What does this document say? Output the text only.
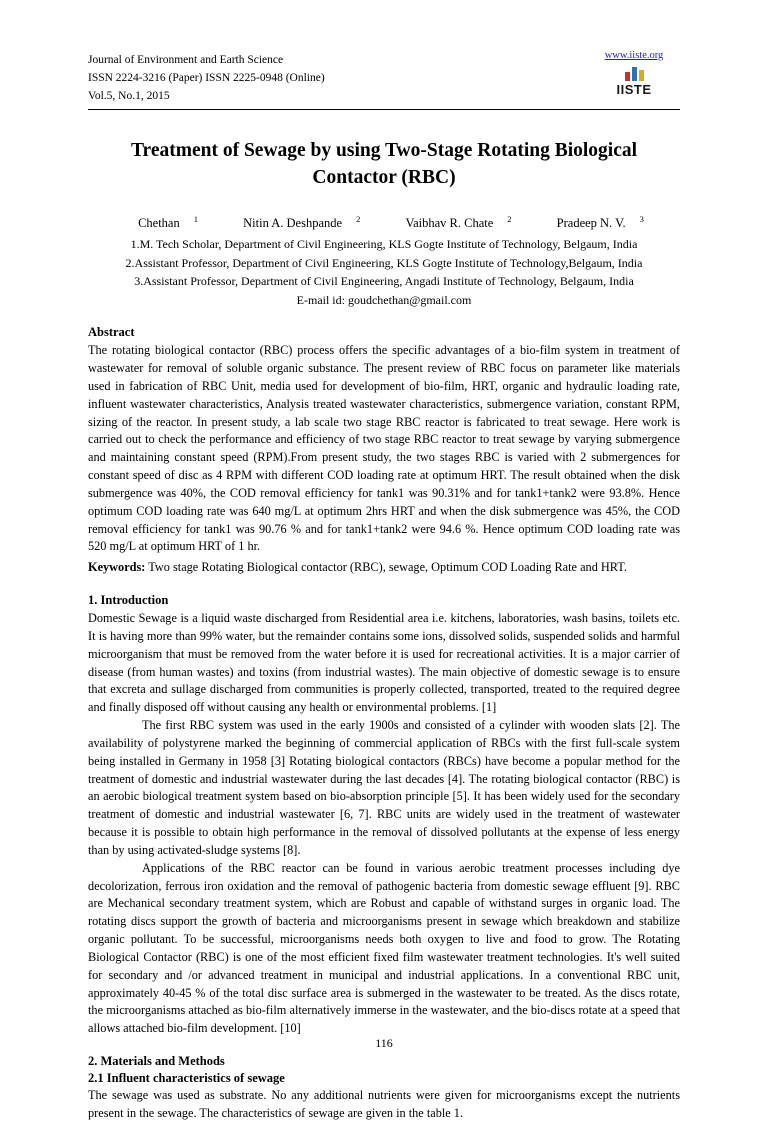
Journal of Environment and Earth Science
ISSN 2224-3216 (Paper) ISSN 2225-0948 (Online)
Vol.5, No.1, 2015
www.iiste.org
IISTE
Treatment of Sewage by using Two-Stage Rotating Biological Contactor (RBC)
Chethan $^1$	Nitin A. Deshpande $^2$	Vaibhav R. Chate $^2$	Pradeep N. V. $^3$
1.M. Tech Scholar, Department of Civil Engineering, KLS Gogte Institute of Technology, Belgaum, India
2.Assistant Professor, Department of Civil Engineering, KLS Gogte Institute of Technology,Belgaum, India
3.Assistant Professor, Department of Civil Engineering, Angadi Institute of Technology, Belgaum, India
E-mail id: goudchethan@gmail.com
Abstract

The rotating biological contactor (RBC) process offers the specific advantages of a bio-film system in treatment of wastewater for removal of soluble organic substance. The present review of RBC focus on parameter like materials used in fabrication of RBC Unit, media used for development of bio-film, HRT, organic and hydraulic loading rate, influent wastewater characteristics, Analysis treated wastewater characteristics, submergence variation, constant RPM, sizing of the reactor. In present study, a lab scale two stage RBC reactor is fabricated to treat sewage. Here work is carried out to check the performance and efficiency of two stage RBC reactor to treat sewage by varying submergence and maintaining constant speed (RPM).From present study, the two stages RBC is varied with 2 submergences for constant speed of disc as 4 RPM with different COD loading rate at optimum HRT. The result obtained when the disk submergence was 40%, the COD removal efficiency for tank1 was 90.31% and for tank1+tank2 were 93.8%. Hence optimum COD loading rate was 640 mg/L at optimum 2hrs HRT and when the disk submergence was 45%, the COD removal efficiency for tank1 was 90.76 % and for tank1+tank2 were 94.6 %. Hence optimum COD loading rate was 520 mg/L at optimum HRT of 1 hr.

Keywords: Two stage Rotating Biological contactor (RBC), sewage, Optimum COD Loading Rate and HRT.

1. Introduction

Domestic Sewage is a liquid waste discharged from Residential area i.e. kitchens, laboratories, wash basins, toilets etc. It is having more than 99% water, but the remainder contains some ions, dissolved solids, suspended solids and harmful microorganism that must be removed from the water before it is used for recreational activities. It is a major carrier of disease (from human wastes) and toxins (from industrial wastes). The main objective of domestic sewage is to ensure that excreta and sullage discharged from communities is properly collected, transported, treated to the required degree and finally disposed off without causing any health or environmental problems. [1]

The first RBC system was used in the early 1900s and consisted of a cylinder with wooden slats [2]. The availability of polystyrene marked the beginning of commercial application of RBCs with the first full-scale system being installed in Germany in 1958 [3] Rotating biological contactors (RBCs) have become a popular method for the treatment of domestic and industrial wastewater during the last decades [4]. The rotating biological contactor (RBC) is an aerobic biological treatment system based on bio-absorption principle [5]. It has been widely used for the secondary treatment of domestic and industrial wastewater [6, 7]. RBC units are widely used in the treatment of wastewater because it is possible to obtain high performance in the removal of dissolved pollutants at the expense of less energy than by using activated-sludge systems [8].

Applications of the RBC reactor can be found in various aerobic treatment processes including dye decolorization, ferrous iron oxidation and the removal of pathogenic bacteria from domestic sewage effluent [9]. RBC are Mechanical secondary treatment system, which are Robust and capable of withstand surges in organic load. The rotating discs support the growth of bacteria and microorganisms present in sewage which breakdown and stabilize organic pollutant. To be successful, microorganisms needs both oxygen to live and food to grow. The Rotating Biological Contactor (RBC) is one of the most efficient fixed film wastewater treatment technologies. It's well suited for secondary and /or advanced treatment in municipal and industrial applications. In a conventional RBC unit, approximately 40-45 % of the total disc surface area is submerged in the wastewater to be treated. As the discs rotate, the microorganisms attached as bio-film alternatively immerse in the wastewater, and the bio-discs rotate at a speed that allows attached bio-film development. [10]

2. Materials and Methods
2.1 Influent characteristics of sewage

The sewage was used as substrate. No any additional nutrients were given for microorganisms except the nutrients present in the sewage. The characteristics of sewage are given in the table 1.

116
